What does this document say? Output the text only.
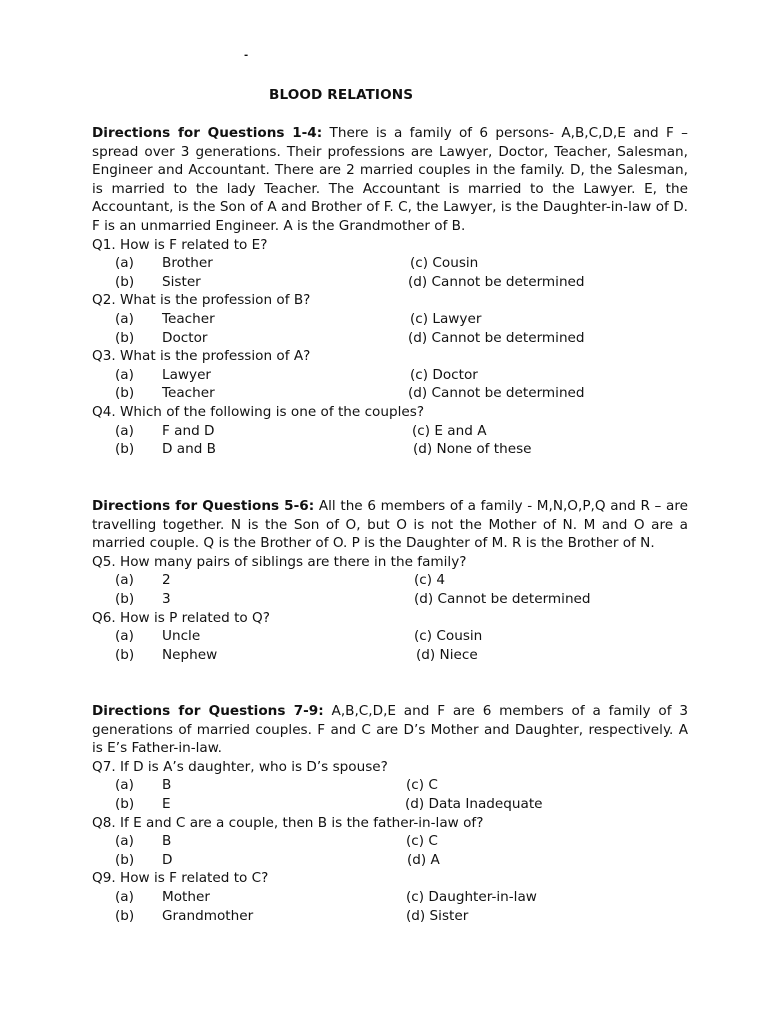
-
BLOOD RELATIONS

Directions for Questions 1-4: There is a family of 6 persons- A,B,C,D,E and F – spread over 3 generations. Their professions are Lawyer, Doctor, Teacher, Salesman, Engineer and Accountant. There are 2 married couples in the family. D, the Salesman, is married to the lady Teacher. The Accountant is married to the Lawyer. E, the Accountant, is the Son of A and Brother of F. C, the Lawyer, is the Daughter-in-law of D. F is an unmarried Engineer. A is the Grandmother of B.

Q1. How is F related to E?
(a) Brother	(c) Cousin
(b) Sister	(d) Cannot be determined
Q2. What is the profession of B?
(a) Teacher	(c) Lawyer
(b) Doctor	(d) Cannot be determined
Q3. What is the profession of A?
(a) Lawyer	(c) Doctor
(b) Teacher	(d) Cannot be determined
Q4. Which of the following is one of the couples?
(a) F and D	(c) E and A
(b) D and B	(d) None of these

Directions for Questions 5-6: All the 6 members of a family - M,N,O,P,Q and R – are travelling together. N is the Son of O, but O is not the Mother of N. M and O are a married couple. Q is the Brother of O. P is the Daughter of M. R is the Brother of N.

Q5. How many pairs of siblings are there in the family?
(a) 2	(c) 4
(b) 3	(d) Cannot be determined
Q6. How is P related to Q?
(a) Uncle	(c) Cousin
(b) Nephew	(d) Niece

Directions for Questions 7-9: A,B,C,D,E and F are 6 members of a family of 3 generations of married couples. F and C are D’s Mother and Daughter, respectively. A is E’s Father-in-law.

Q7. If D is A’s daughter, who is D’s spouse?
(a) B	(c) C
(b) E	(d) Data Inadequate
Q8. If E and C are a couple, then B is the father-in-law of?
(a) B	(c) C
(b) D	(d) A
Q9. How is F related to C?
(a) Mother	(c) Daughter-in-law
(b) Grandmother	(d) Sister
